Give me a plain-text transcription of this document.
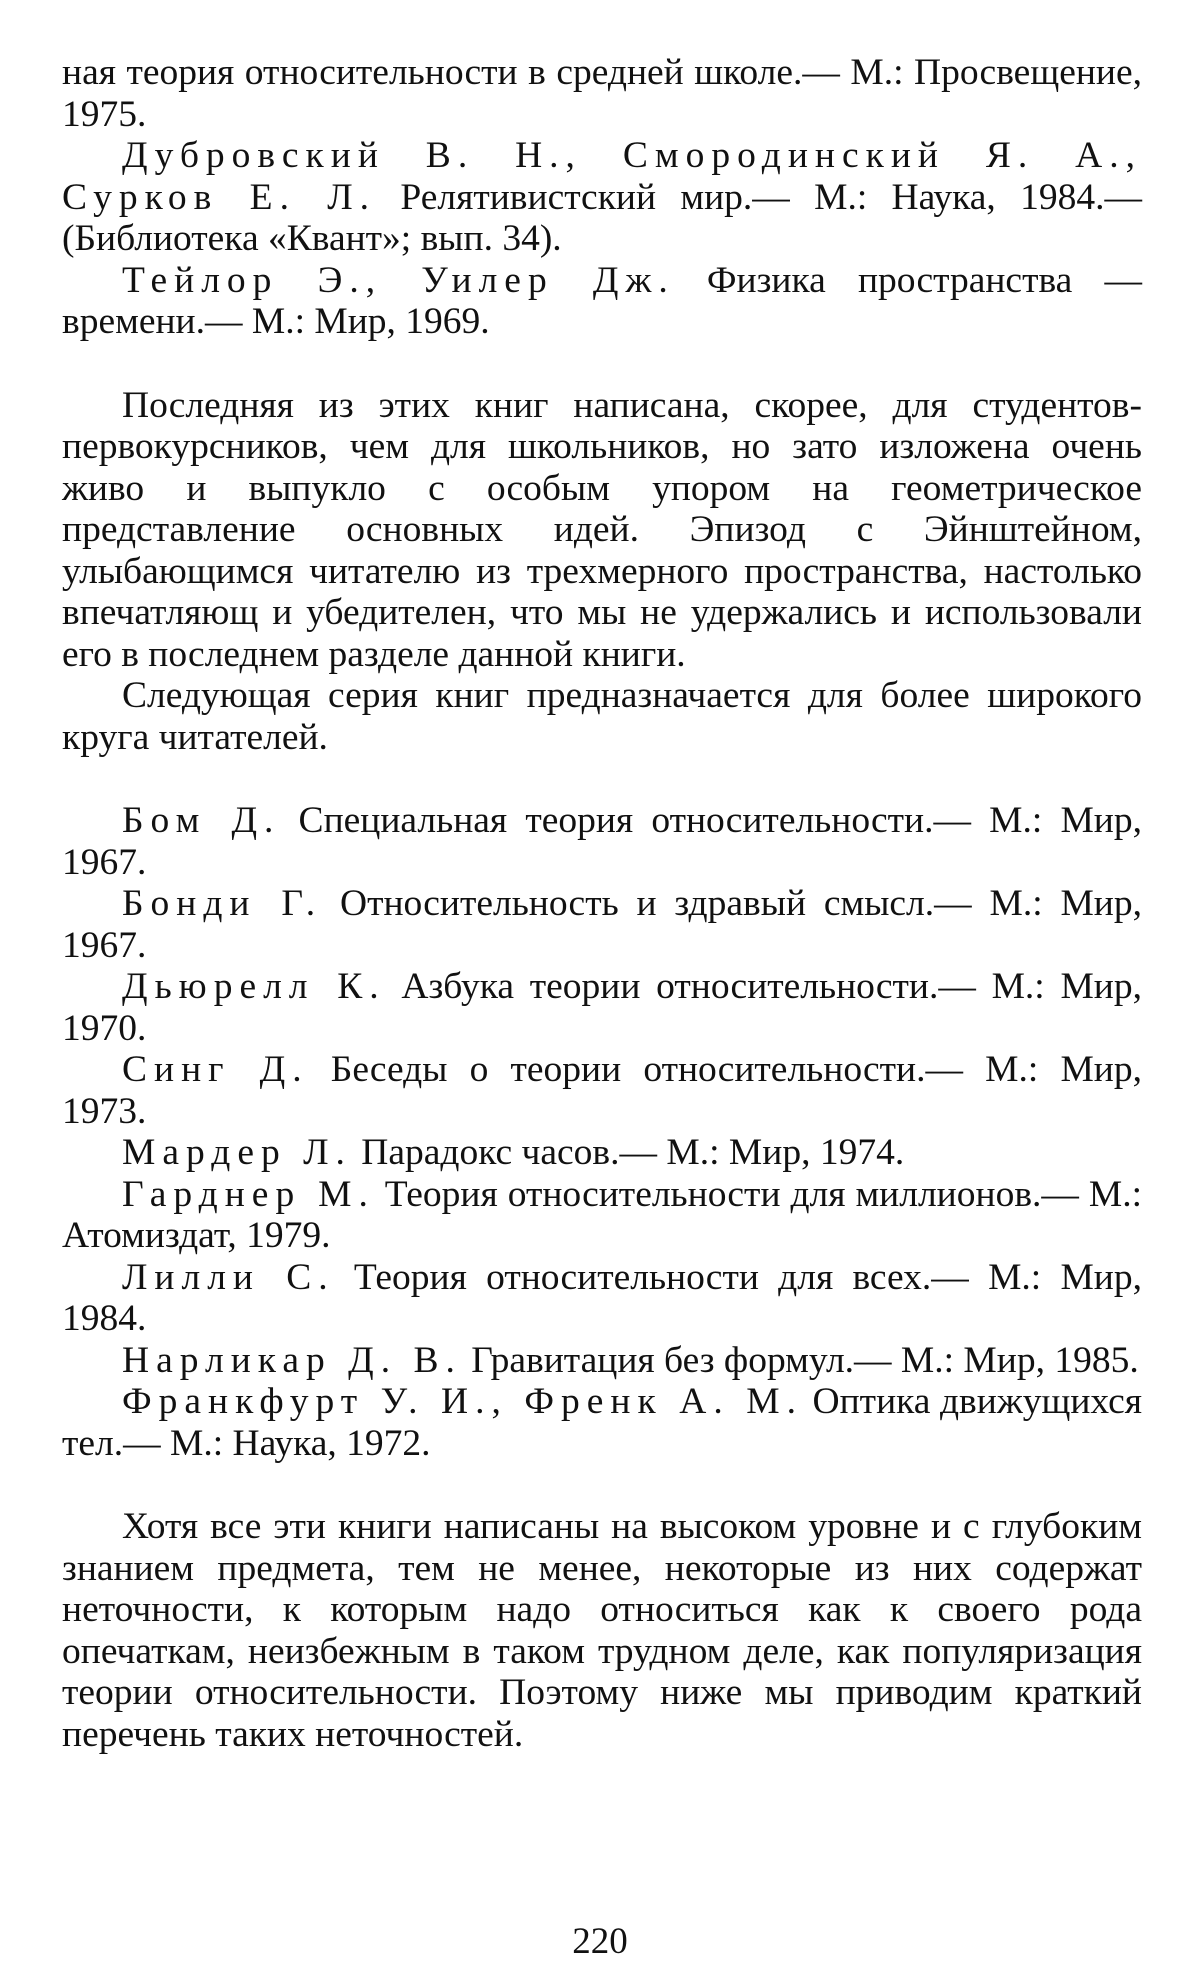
ная теория относительности в средней школе.— М.: Просвещение, 1975.

Дубровский В. Н., Смородинский Я. А., Сурков Е. Л. Релятивистский мир.— М.: Наука, 1984.— (Библиотека «Квант»; вып. 34).

Тейлор Э., Уилер Дж. Физика пространства — времени.— М.: Мир, 1969.

Последняя из этих книг написана, скорее, для студентов-первокурсников, чем для школьников, но зато изложена очень живо и выпукло с особым упором на геометрическое представление основных идей. Эпизод с Эйнштейном, улыбающимся читателю из трехмерного пространства, настолько впечатляющ и убедителен, что мы не удержались и использовали его в последнем разделе данной книги.

Следующая серия книг предназначается для более широкого круга читателей.

Бом Д. Специальная теория относительности.— М.: Мир, 1967.

Бонди Г. Относительность и здравый смысл.— М.: Мир, 1967.

Дьюрелл К. Азбука теории относительности.— М.: Мир, 1970.

Синг Д. Беседы о теории относительности.— М.: Мир, 1973.

Мардер Л. Парадокс часов.— М.: Мир, 1974.

Гарднер М. Теория относительности для миллионов.— М.: Атомиздат, 1979.

Лилли С. Теория относительности для всех.— М.: Мир, 1984.

Нарликар Д. В. Гравитация без формул.— М.: Мир, 1985.

Франкфурт У. И., Френк А. М. Оптика движущихся тел.— М.: Наука, 1972.

Хотя все эти книги написаны на высоком уровне и с глубоким знанием предмета, тем не менее, некоторые из них содержат неточности, к которым надо относиться как к своего рода опечаткам, неизбежным в таком трудном деле, как популяризация теории относительности. Поэтому ниже мы приводим краткий перечень таких неточностей.

220
